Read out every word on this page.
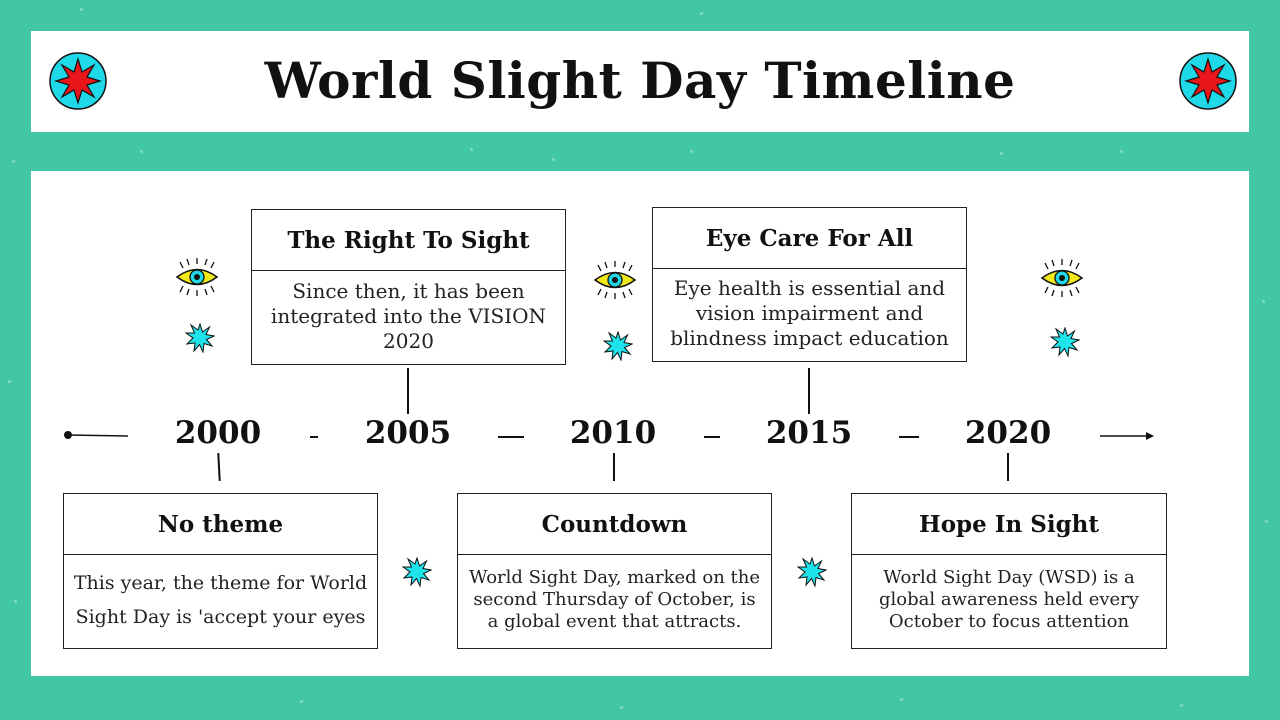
World Slight Day Timeline
The Right To Sight
Since then, it has been integrated into the VISION 2020
Eye Care For All
Eye health is essential and vision impairment and blindness impact education
2000	2005	2010	2015	2020
No theme
This year, the theme for World Sight Day is 'accept your eyes
Countdown
World Sight Day, marked on the second Thursday of October, is a global event that attracts.
Hope In Sight
World Sight Day (WSD) is a global awareness held every October to focus attention
